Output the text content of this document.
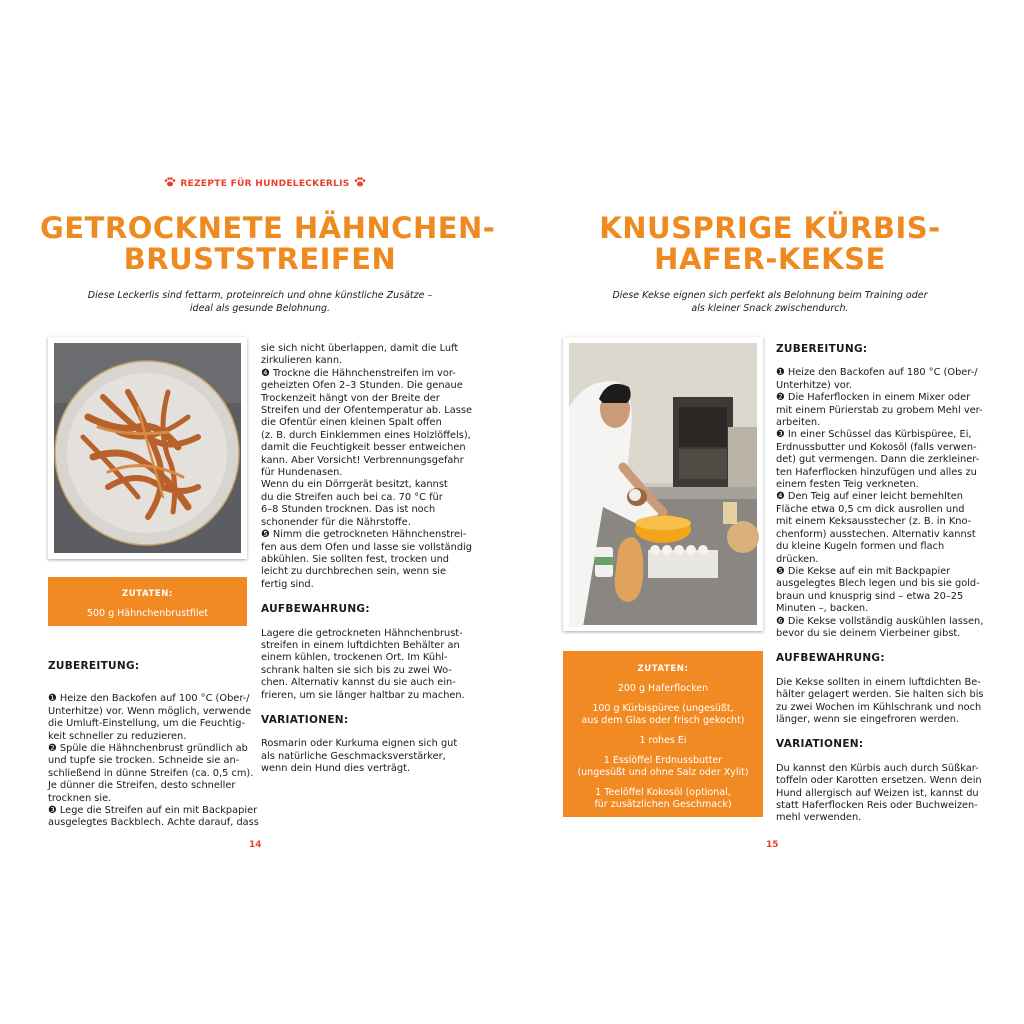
REZEPTE FÜR HUNDELECKERLIS
GETROCKNETE HÄHNCHEN-
BRUSTSTREIFEN
Diese Leckerlis sind fettarm, proteinreich und ohne künstliche Zusätze –
ideal als gesunde Belohnung.
ZUTATEN:
500 g Hähnchenbrustfilet
ZUBEREITUNG:
❶ Heize den Backofen auf 100 °C (Ober-/
Unterhitze) vor. Wenn möglich, verwende
die Umluft-Einstellung, um die Feuchtig-
keit schneller zu reduzieren.
❷ Spüle die Hähnchenbrust gründlich ab
und tupfe sie trocken. Schneide sie an-
schließend in dünne Streifen (ca. 0,5 cm).
Je dünner die Streifen, desto schneller
trocknen sie.
❸ Lege die Streifen auf ein mit Backpapier
ausgelegtes Backblech. Achte darauf, dass
sie sich nicht überlappen, damit die Luft
zirkulieren kann.
❹ Trockne die Hähnchenstreifen im vor-
geheizten Ofen 2–3 Stunden. Die genaue
Trockenzeit hängt von der Breite der
Streifen und der Ofentemperatur ab. Lasse
die Ofentür einen kleinen Spalt offen
(z. B. durch Einklemmen eines Holzlöffels),
damit die Feuchtigkeit besser entweichen
kann. Aber Vorsicht! Verbrennungsgefahr
für Hundenasen.
Wenn du ein Dörrgerät besitzt, kannst
du die Streifen auch bei ca. 70 °C für
6–8 Stunden trocknen. Das ist noch
schonender für die Nährstoffe.
❺ Nimm die getrockneten Hähnchenstrei-
fen aus dem Ofen und lasse sie vollständig
abkühlen. Sie sollten fest, trocken und
leicht zu durchbrechen sein, wenn sie
fertig sind.
AUFBEWAHRUNG:
Lagere die getrockneten Hähnchenbrust-
streifen in einem luftdichten Behälter an
einem kühlen, trockenen Ort. Im Kühl-
schrank halten sie sich bis zu zwei Wo-
chen. Alternativ kannst du sie auch ein-
frieren, um sie länger haltbar zu machen.
VARIATIONEN:
Rosmarin oder Kurkuma eignen sich gut
als natürliche Geschmacksverstärker,
wenn dein Hund dies verträgt.
14
KNUSPRIGE KÜRBIS-
HAFER-KEKSE
Diese Kekse eignen sich perfekt als Belohnung beim Training oder
als kleiner Snack zwischendurch.
ZUTATEN:
200 g Haferflocken
100 g Kürbispüree (ungesüßt,
aus dem Glas oder frisch gekocht)
1 rohes Ei
1 Esslöffel Erdnussbutter
(ungesüßt und ohne Salz oder Xylit)
1 Teelöffel Kokosöl (optional,
für zusätzlichen Geschmack)
ZUBEREITUNG:
❶ Heize den Backofen auf 180 °C (Ober-/
Unterhitze) vor.
❷ Die Haferflocken in einem Mixer oder
mit einem Pürierstab zu grobem Mehl ver-
arbeiten.
❸ In einer Schüssel das Kürbispüree, Ei,
Erdnussbutter und Kokosöl (falls verwen-
det) gut vermengen. Dann die zerkleiner-
ten Haferflocken hinzufügen und alles zu
einem festen Teig verkneten.
❹ Den Teig auf einer leicht bemehlten
Fläche etwa 0,5 cm dick ausrollen und
mit einem Keksausstecher (z. B. in Kno-
chenform) ausstechen. Alternativ kannst
du kleine Kugeln formen und flach
drücken.
❺ Die Kekse auf ein mit Backpapier
ausgelegtes Blech legen und bis sie gold-
braun und knusprig sind – etwa 20–25
Minuten –, backen.
❻ Die Kekse vollständig auskühlen lassen,
bevor du sie deinem Vierbeiner gibst.
AUFBEWAHRUNG:
Die Kekse sollten in einem luftdichten Be-
hälter gelagert werden. Sie halten sich bis
zu zwei Wochen im Kühlschrank und noch
länger, wenn sie eingefroren werden.
VARIATIONEN:
Du kannst den Kürbis auch durch Süßkar-
toffeln oder Karotten ersetzen. Wenn dein
Hund allergisch auf Weizen ist, kannst du
statt Haferflocken Reis oder Buchweizen-
mehl verwenden.
15
